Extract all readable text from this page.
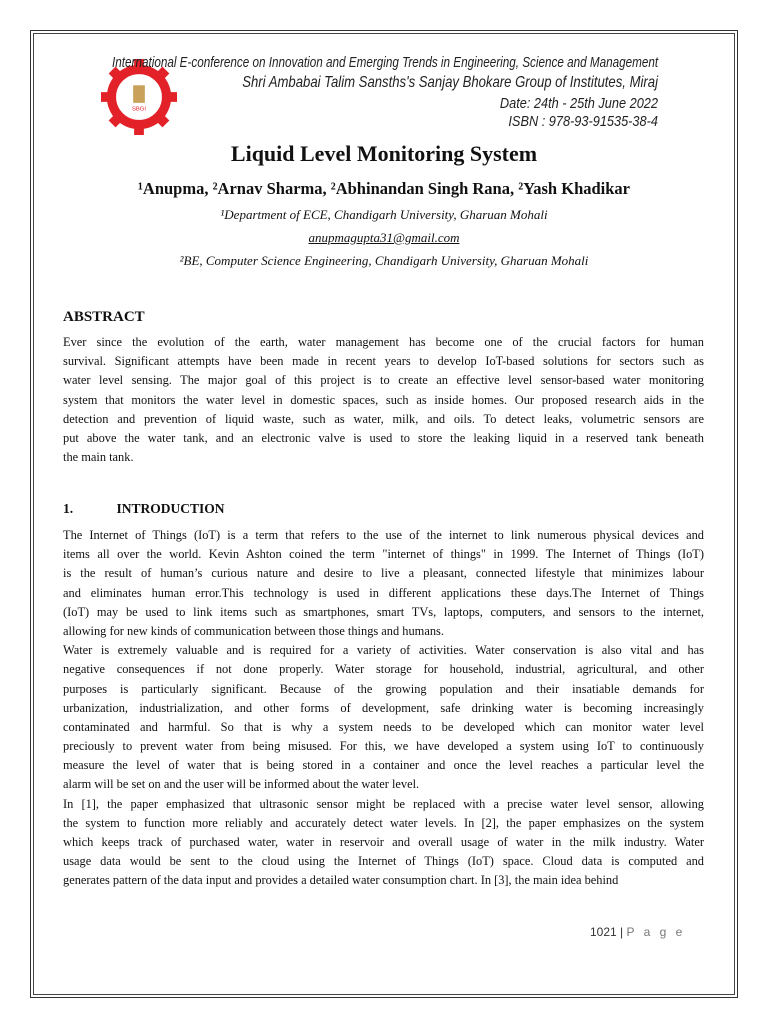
SBGI
International E-conference on Innovation and Emerging Trends in Engineering, Science and Management
Shri Ambabai Talim Sansths's Sanjay Bhokare Group of Institutes, Miraj
Date: 24th - 25th June 2022
ISBN : 978-93-91535-38-4
Liquid Level Monitoring System
¹Anupma, ²Arnav Sharma, ²Abhinandan Singh Rana, ²Yash Khadikar
¹Department of ECE, Chandigarh University, Gharuan Mohali
anupmagupta31@gmail.com
²BE, Computer Science Engineering, Chandigarh University, Gharuan Mohali
ABSTRACT
Ever since the evolution of the earth, water management has become one of the crucial factors for human
survival. Significant attempts have been made in recent years to develop IoT-based solutions for sectors such as
water level sensing. The major goal of this project is to create an effective level sensor-based water monitoring
system that monitors the water level in domestic spaces, such as inside homes. Our proposed research aids in the
detection and prevention of liquid waste, such as water, milk, and oils. To detect leaks, volumetric sensors are
put above the water tank, and an electronic valve is used to store the leaking liquid in a reserved tank beneath
the main tank.
1.	INTRODUCTION
The Internet of Things (IoT) is a term that refers to the use of the internet to link numerous physical devices and
items all over the world. Kevin Ashton coined the term "internet of things" in 1999. The Internet of Things (IoT)
is the result of human’s curious nature and desire to live a pleasant, connected lifestyle that minimizes labour
and eliminates human error.This technology is used in different applications these days.The Internet of Things
(IoT) may be used to link items such as smartphones, smart TVs, laptops, computers, and sensors to the internet,
allowing for new kinds of communication between those things and humans.
Water is extremely valuable and is required for a variety of activities. Water conservation is also vital and has
negative consequences if not done properly. Water storage for household, industrial, agricultural, and other
purposes is particularly significant. Because of the growing population and their insatiable demands for
urbanization, industrialization, and other forms of development, safe drinking water is becoming increasingly
contaminated and harmful. So that is why a system needs to be developed which can monitor water level
preciously to prevent water from being misused. For this, we have developed a system using IoT to continuously
measure the level of water that is being stored in a container and once the level reaches a particular level the
alarm will be set on and the user will be informed about the water level.
In [1], the paper emphasized that ultrasonic sensor might be replaced with a precise water level sensor, allowing
the system to function more reliably and accurately detect water levels. In [2], the paper emphasizes on the system
which keeps track of purchased water, water in reservoir and overall usage of water in the milk industry. Water
usage data would be sent to the cloud using the Internet of Things (IoT) space. Cloud data is computed and
generates pattern of the data input and provides a detailed water consumption chart. In [3], the main idea behind
1021 | P a g e
